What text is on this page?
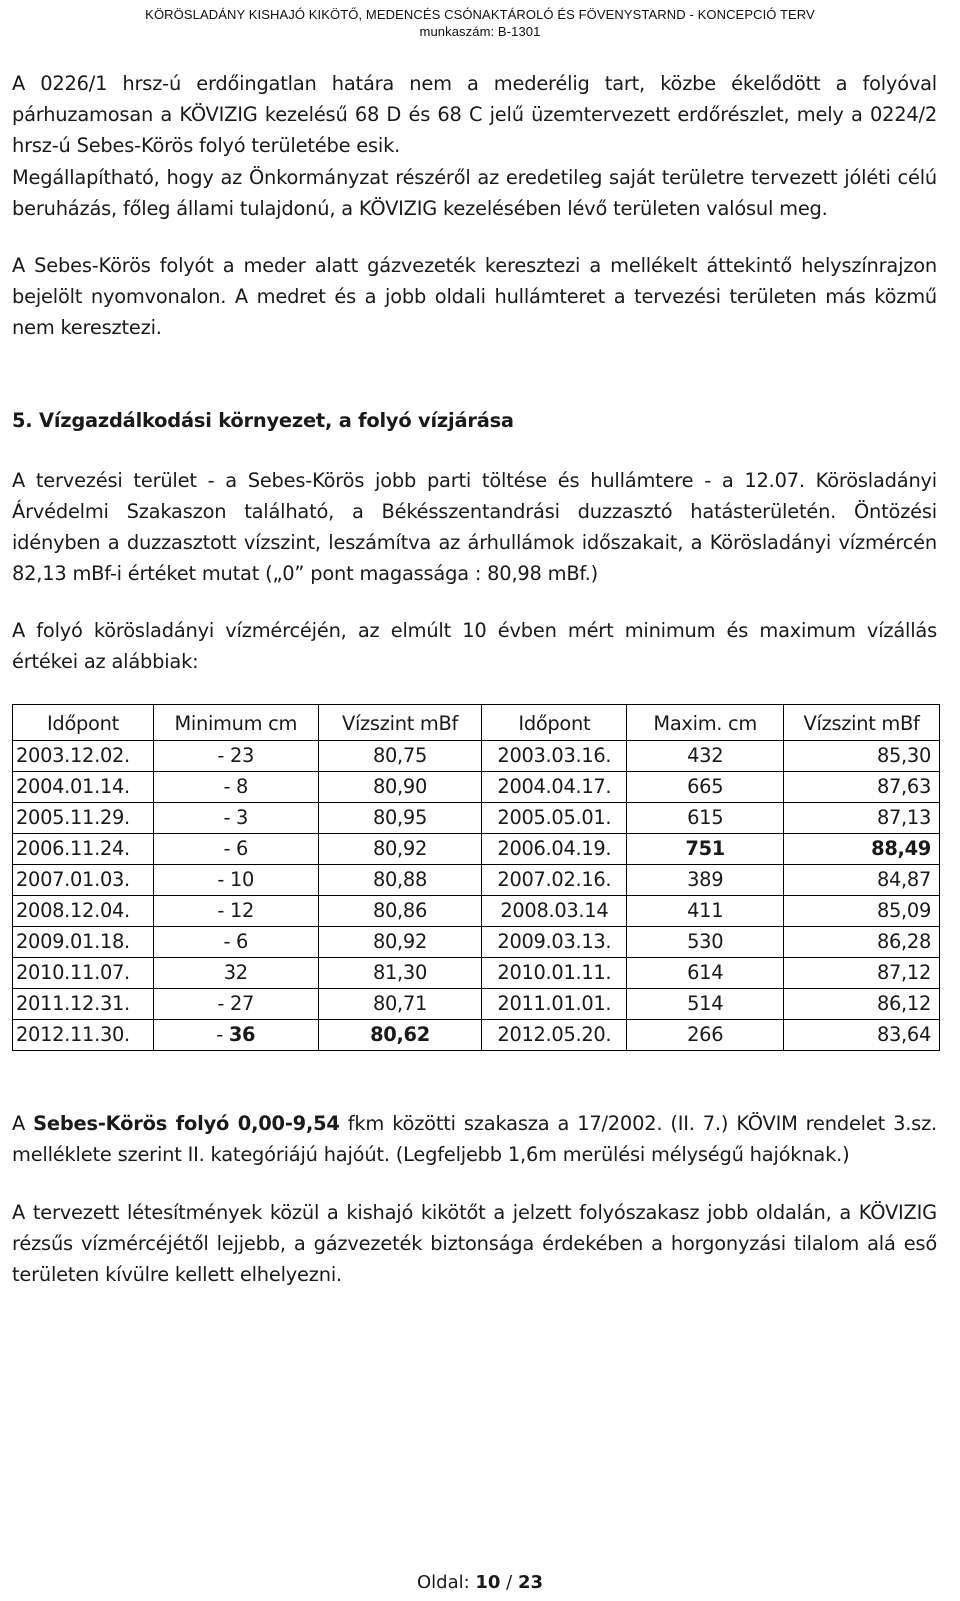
KÖRÖSLADÁNY KISHAJÓ KIKÖTŐ, MEDENCÉS CSÓNAKTÁROLÓ ÉS FÖVENYSTARND - KONCEPCIÓ TERV
munkaszám: B-1301

A 0226/1 hrsz-ú erdőingatlan határa nem a mederélig tart, közbe ékelődött a folyóval párhuzamosan a KÖVIZIG kezelésű 68 D és 68 C jelű üzemtervezett erdőrészlet, mely a 0224/2 hrsz-ú Sebes-Körös folyó területébe esik.

Megállapítható, hogy az Önkormányzat részéről az eredetileg saját területre tervezett jóléti célú beruházás, főleg állami tulajdonú, a KÖVIZIG kezelésében lévő területen valósul meg.

A Sebes-Körös folyót a meder alatt gázvezeték keresztezi a mellékelt áttekintő helyszínrajzon bejelölt nyomvonalon. A medret és a jobb oldali hullámteret a tervezési területen más közmű nem keresztezi.

5. Vízgazdálkodási környezet, a folyó vízjárása

A tervezési terület - a Sebes-Körös jobb parti töltése és hullámtere - a 12.07. Körösladányi Árvédelmi Szakaszon található, a Békésszentandrási duzzasztó hatásterületén. Öntözési idényben a duzzasztott vízszint, leszámítva az árhullámok időszakait, a Körösladányi vízmércén 82,13 mBf-i értéket mutat („0” pont magassága : 80,98 mBf.)

A folyó körösladányi vízmércéjén, az elmúlt 10 évben mért minimum és maximum vízállás értékei az alábbiak:

Időpont	Minimum cm	Vízszint mBf	Időpont	Maxim. cm	Vízszint mBf
2003.12.02.	- 23	80,75	2003.03.16.	432	85,30
2004.01.14.	- 8	80,90	2004.04.17.	665	87,63
2005.11.29.	- 3	80,95	2005.05.01.	615	87,13
2006.11.24.	- 6	80,92	2006.04.19.	751	88,49
2007.01.03.	- 10	80,88	2007.02.16.	389	84,87
2008.12.04.	- 12	80,86	2008.03.14	411	85,09
2009.01.18.	- 6	80,92	2009.03.13.	530	86,28
2010.11.07.	32	81,30	2010.01.11.	614	87,12
2011.12.31.	- 27	80,71	2011.01.01.	514	86,12
2012.11.30.	- 36	80,62	2012.05.20.	266	83,64

A Sebes-Körös folyó 0,00-9,54 fkm közötti szakasza a 17/2002. (II. 7.) KÖVIM rendelet 3.sz. melléklete szerint II. kategóriájú hajóút. (Legfeljebb 1,6m merülési mélységű hajóknak.)

A tervezett létesítmények közül a kishajó kikötőt a jelzett folyószakasz jobb oldalán, a KÖVIZIG rézsűs vízmércéjétől lejjebb, a gázvezeték biztonsága érdekében a horgonyzási tilalom alá eső területen kívülre kellett elhelyezni.

Oldal: 10 / 23
